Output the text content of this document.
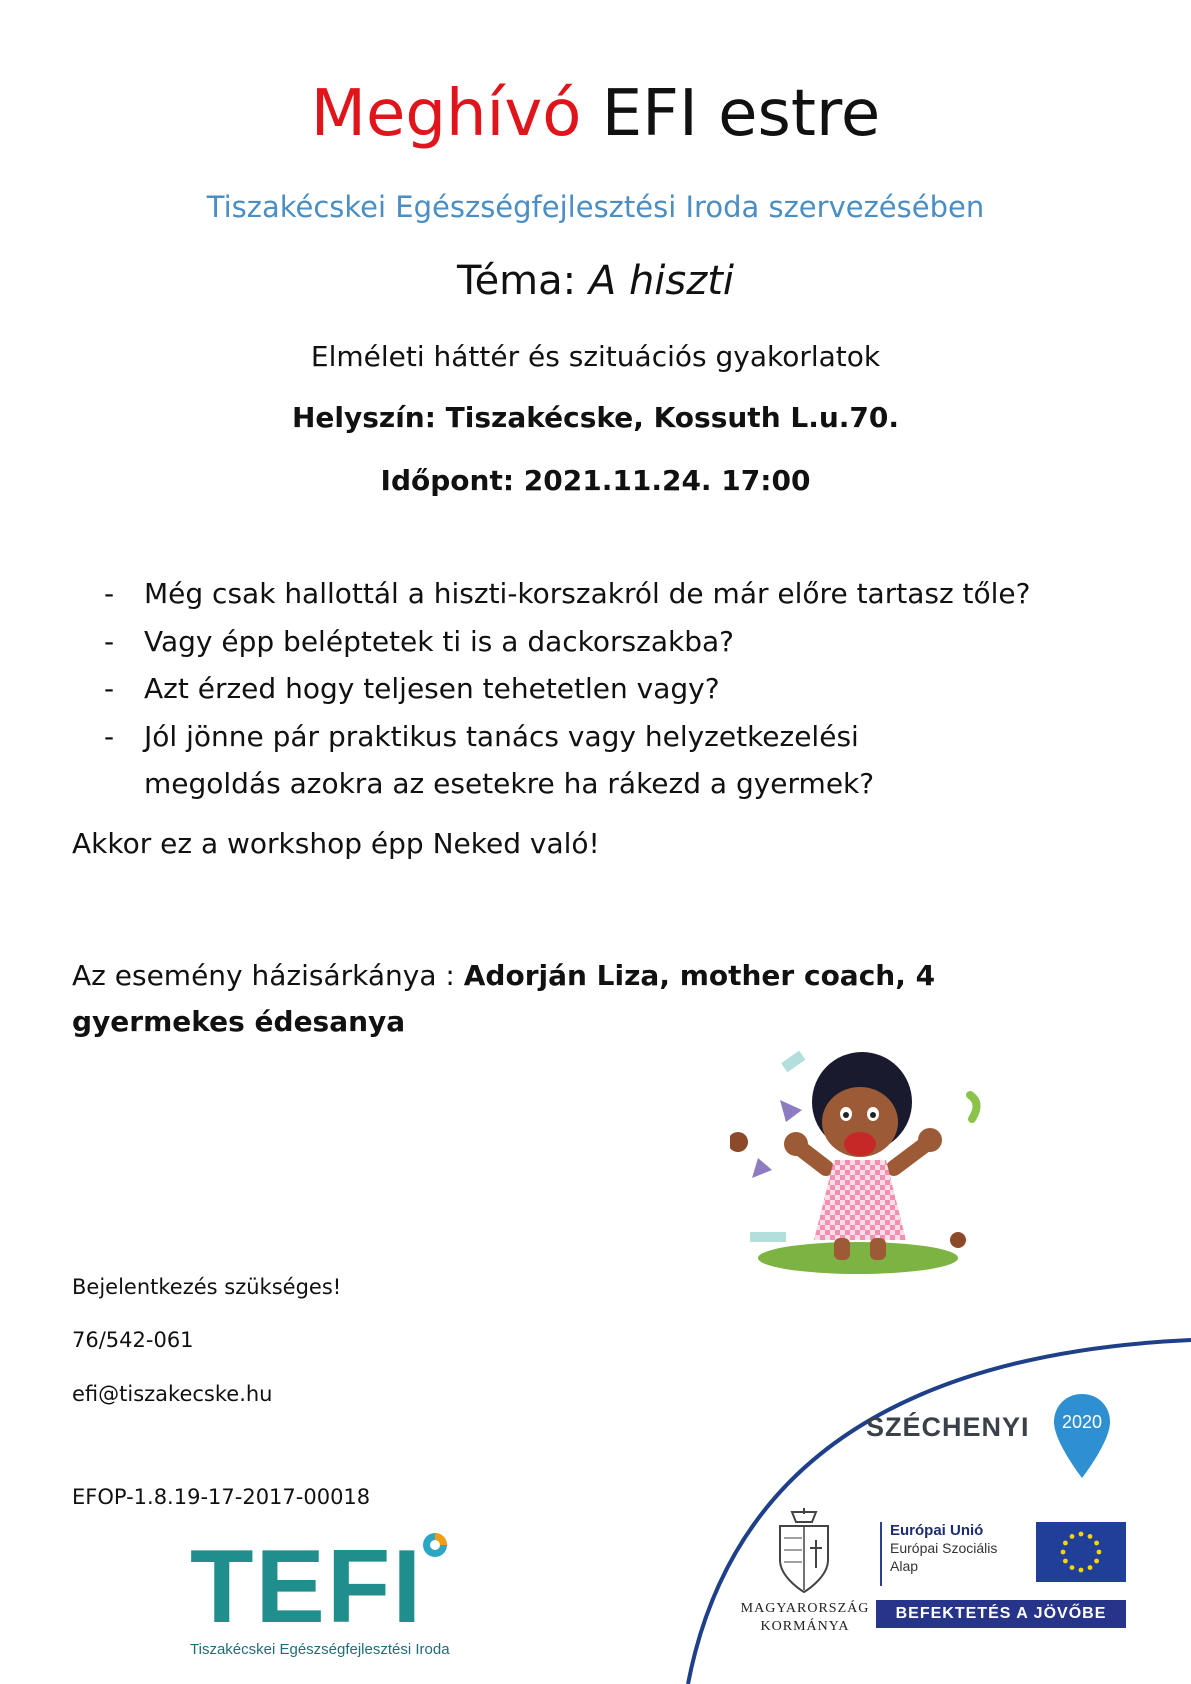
Meghívó EFI estre
Tiszakécskei Egészségfejlesztési Iroda szervezésében
Téma: A hiszti
Elméleti háttér és szituációs gyakorlatok
Helyszín: Tiszakécske, Kossuth L.u.70.
Időpont: 2021.11.24. 17:00
- Még csak hallottál a hiszti-korszakról de már előre tartasz tőle?
- Vagy épp beléptetek ti is a dackorszakba?
- Azt érzed hogy teljesen tehetetlen vagy?
- Jól jönne pár praktikus tanács vagy helyzetkezelési megoldás azokra az esetekre ha rákezd a gyermek?
Akkor ez a workshop épp Neked való!
Az esemény házisárkánya : Adorján Liza, mother coach, 4 gyermekes édesanya
Bejelentkezés szükséges!
76/542-061
efi@tiszakecske.hu
EFOP-1.8.19-17-2017-00018
TEFI
Tiszakécskei Egészségfejlesztési Iroda
SZÉCHENYI 2020
MAGYARORSZÁG
KORMÁNYA
Európai Unió
Európai Szociális
Alap
BEFEKTETÉS A JÖVŐBE
